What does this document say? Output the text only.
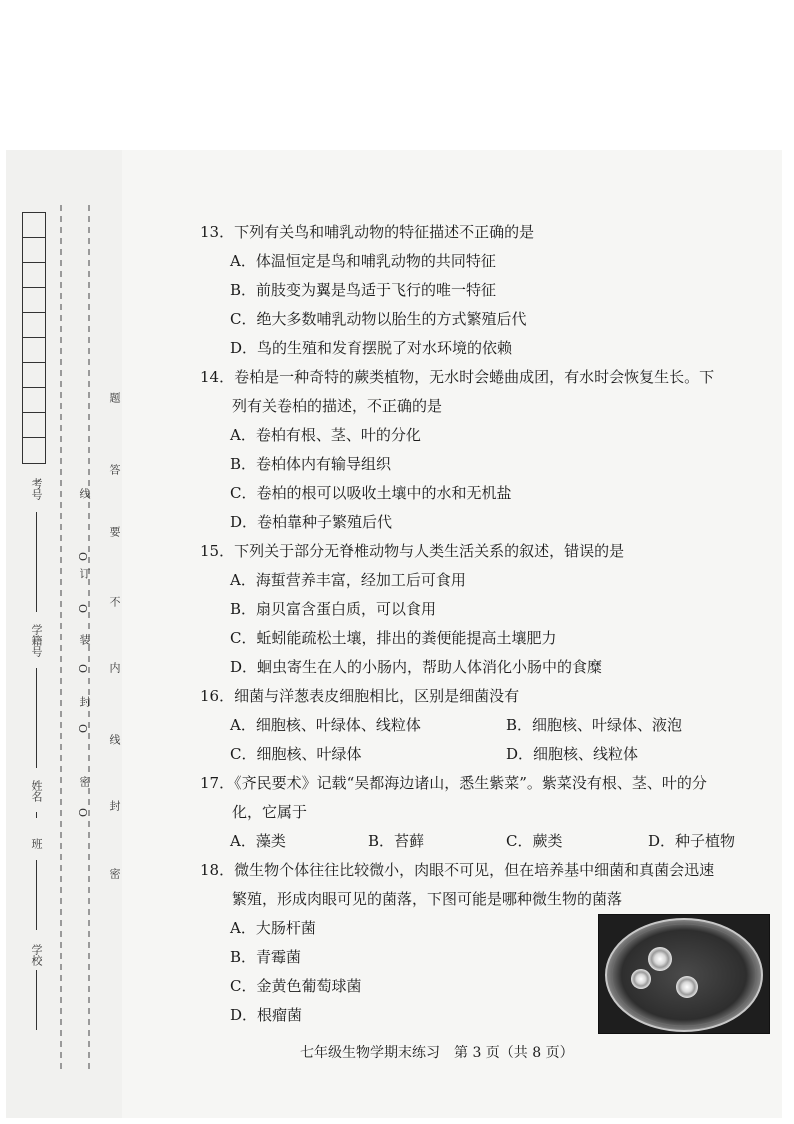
考号
学籍号
姓名
班
学校
线
O
订
O
装
O
封
O
密
O
题
答
要
不
内
线
封
密
13．下列有关鸟和哺乳动物的特征描述不正确的是
A．体温恒定是鸟和哺乳动物的共同特征
B．前肢变为翼是鸟适于飞行的唯一特征
C．绝大多数哺乳动物以胎生的方式繁殖后代
D．鸟的生殖和发育摆脱了对水环境的依赖
14．卷柏是一种奇特的蕨类植物，无水时会蜷曲成团，有水时会恢复生长。下
列有关卷柏的描述，不正确的是
A．卷柏有根、茎、叶的分化
B．卷柏体内有输导组织
C．卷柏的根可以吸收土壤中的水和无机盐
D．卷柏靠种子繁殖后代
15．下列关于部分无脊椎动物与人类生活关系的叙述，错误的是
A．海蜇营养丰富，经加工后可食用
B．扇贝富含蛋白质，可以食用
C．蚯蚓能疏松土壤，排出的粪便能提高土壤肥力
D．蛔虫寄生在人的小肠内，帮助人体消化小肠中的食糜
16．细菌与洋葱表皮细胞相比，区别是细菌没有
A．细胞核、叶绿体、线粒体	B．细胞核、叶绿体、液泡
C．细胞核、叶绿体	D．细胞核、线粒体
17．《齐民要术》记载“吴都海边诸山，悉生紫菜”。紫菜没有根、茎、叶的分
化，它属于
A．藻类	B．苔藓	C．蕨类	D．种子植物
18．微生物个体往往比较微小，肉眼不可见，但在培养基中细菌和真菌会迅速
繁殖，形成肉眼可见的菌落，下图可能是哪种微生物的菌落
A．大肠杆菌
B．青霉菌
C．金黄色葡萄球菌
D．根瘤菌
七年级生物学期末练习　第 3 页（共 8 页）
